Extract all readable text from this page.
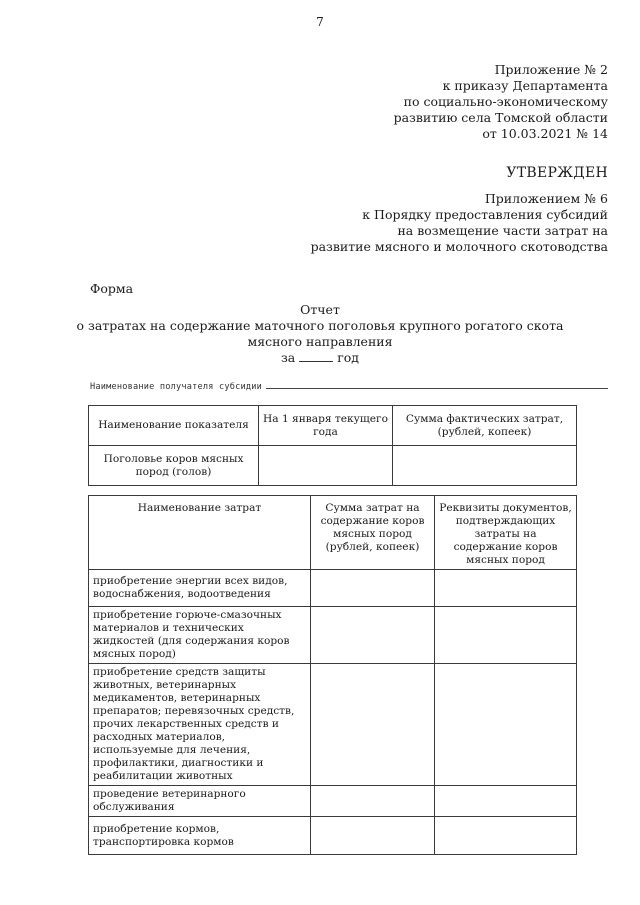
7
Приложение № 2
к приказу Департамента
по социально-экономическому
развитию села Томской области
от 10.03.2021 № 14
УТВЕРЖДЕН
Приложением № 6
к Порядку предоставления субсидий
на возмещение части затрат на
развитие мясного и молочного скотоводства
Форма
Отчет
о затратах на содержание маточного поголовья крупного рогатого скота
мясного направления
за	год
Наименование получателя субсидии
Наименование показателя	На 1 января текущего года	Сумма фактических затрат, (рублей, копеек)
Поголовье коров мясных пород (голов)		
Наименование затрат	Сумма затрат на содержание коров мясных пород (рублей, копеек)	Реквизиты документов, подтверждающих затраты на содержание коров мясных пород
приобретение энергии всех видов, водоснабжения, водоотведения		
приобретение горюче-смазочных материалов и технических жидкостей (для содержания коров мясных пород)		
приобретение средств защиты животных, ветеринарных медикаментов, ветеринарных препаратов; перевязочных средств, прочих лекарственных средств и расходных материалов, используемые для лечения, профилактики, диагностики и реабилитации животных		
проведение ветеринарного обслуживания		
приобретение кормов, транспортировка кормов		
